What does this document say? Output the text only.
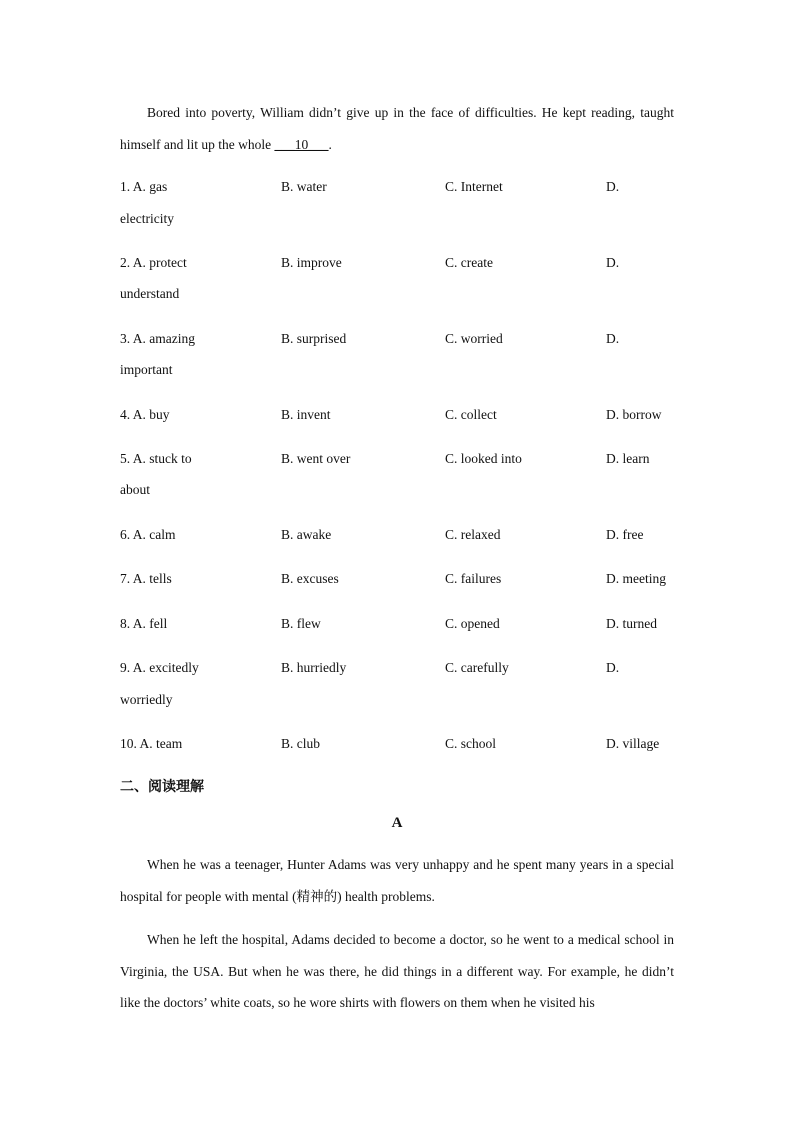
Bored into poverty, William didn’t give up in the face of difficulties. He kept reading, taught himself and lit up the whole ___10___.

1. A. gas	B. water	C. Internet	D.
electricity
2. A. protect	B. improve	C. create	D.
understand
3. A. amazing	B. surprised	C. worried	D.
important
4. A. buy	B. invent	C. collect	D. borrow
5. A. stuck to	B. went over	C. looked into	D. learn
about
6. A. calm	B. awake	C. relaxed	D. free
7. A. tells	B. excuses	C. failures	D. meeting
8. A. fell	B. flew	C. opened	D. turned
9. A. excitedly	B. hurriedly	C. carefully	D.
worriedly
10. A. team	B. club	C. school	D. village
二、阅读理解
A

When he was a teenager, Hunter Adams was very unhappy and he spent many years in a special hospital for people with mental (精神的) health problems.

When he left the hospital, Adams decided to become a doctor, so he went to a medical school in Virginia, the USA. But when he was there, he did things in a different way. For example, he didn’t like the doctors’ white coats, so he wore shirts with flowers on them when he visited his
